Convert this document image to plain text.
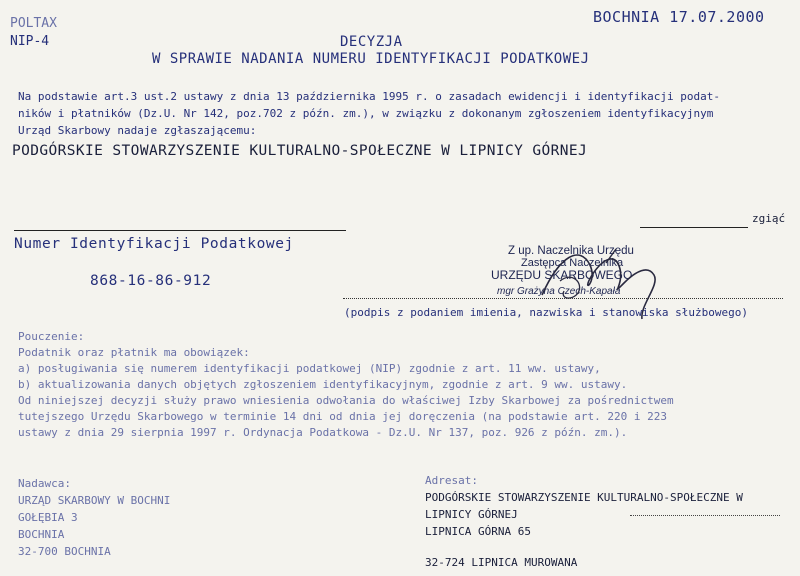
POLTAX
NIP-4
BOCHNIA 17.07.2000
DECYZJA
W SPRAWIE NADANIA NUMERU IDENTYFIKACJI PODATKOWEJ
Na podstawie art.3 ust.2 ustawy z dnia 13 października 1995 r. o zasadach ewidencji i identyfikacji podat-
ników i płatników (Dz.U. Nr 142, poz.702 z późn. zm.), w związku z dokonanym zgłoszeniem identyfikacyjnym
Urząd Skarbowy nadaje zgłaszającemu:
PODGÓRSKIE STOWARZYSZENIE KULTURALNO-SPOŁECZNE W LIPNICY GÓRNEJ
zgiąć
Numer Identyfikacji Podatkowej
868-16-86-912
Z up. Naczelnika Urzędu
Zastępca Naczelnika
URZĘDU SKARBOWEGO
mgr Grażyna Czech-Kapała
(podpis z podaniem imienia, nazwiska i stanowiska służbowego)
Pouczenie:
Podatnik oraz płatnik ma obowiązek:
a) posługiwania się numerem identyfikacji podatkowej (NIP) zgodnie z art. 11 ww. ustawy,
b) aktualizowania danych objętych zgłoszeniem identyfikacyjnym, zgodnie z art. 9 ww. ustawy.
Od niniejszej decyzji służy prawo wniesienia odwołania do właściwej Izby Skarbowej za pośrednictwem
tutejszego Urzędu Skarbowego w terminie 14 dni od dnia jej doręczenia (na podstawie art. 220 i 223
ustawy z dnia 29 sierpnia 1997 r. Ordynacja Podatkowa - Dz.U. Nr 137, poz. 926 z późn. zm.).
Nadawca:
URZĄD SKARBOWY W BOCHNI
GOŁĘBIA 3
BOCHNIA
32-700 BOCHNIA
Adresat:
PODGÓRSKIE STOWARZYSZENIE KULTURALNO-SPOŁECZNE W
LIPNICY GÓRNEJ
LIPNICA GÓRNA 65
32-724 LIPNICA MUROWANA
